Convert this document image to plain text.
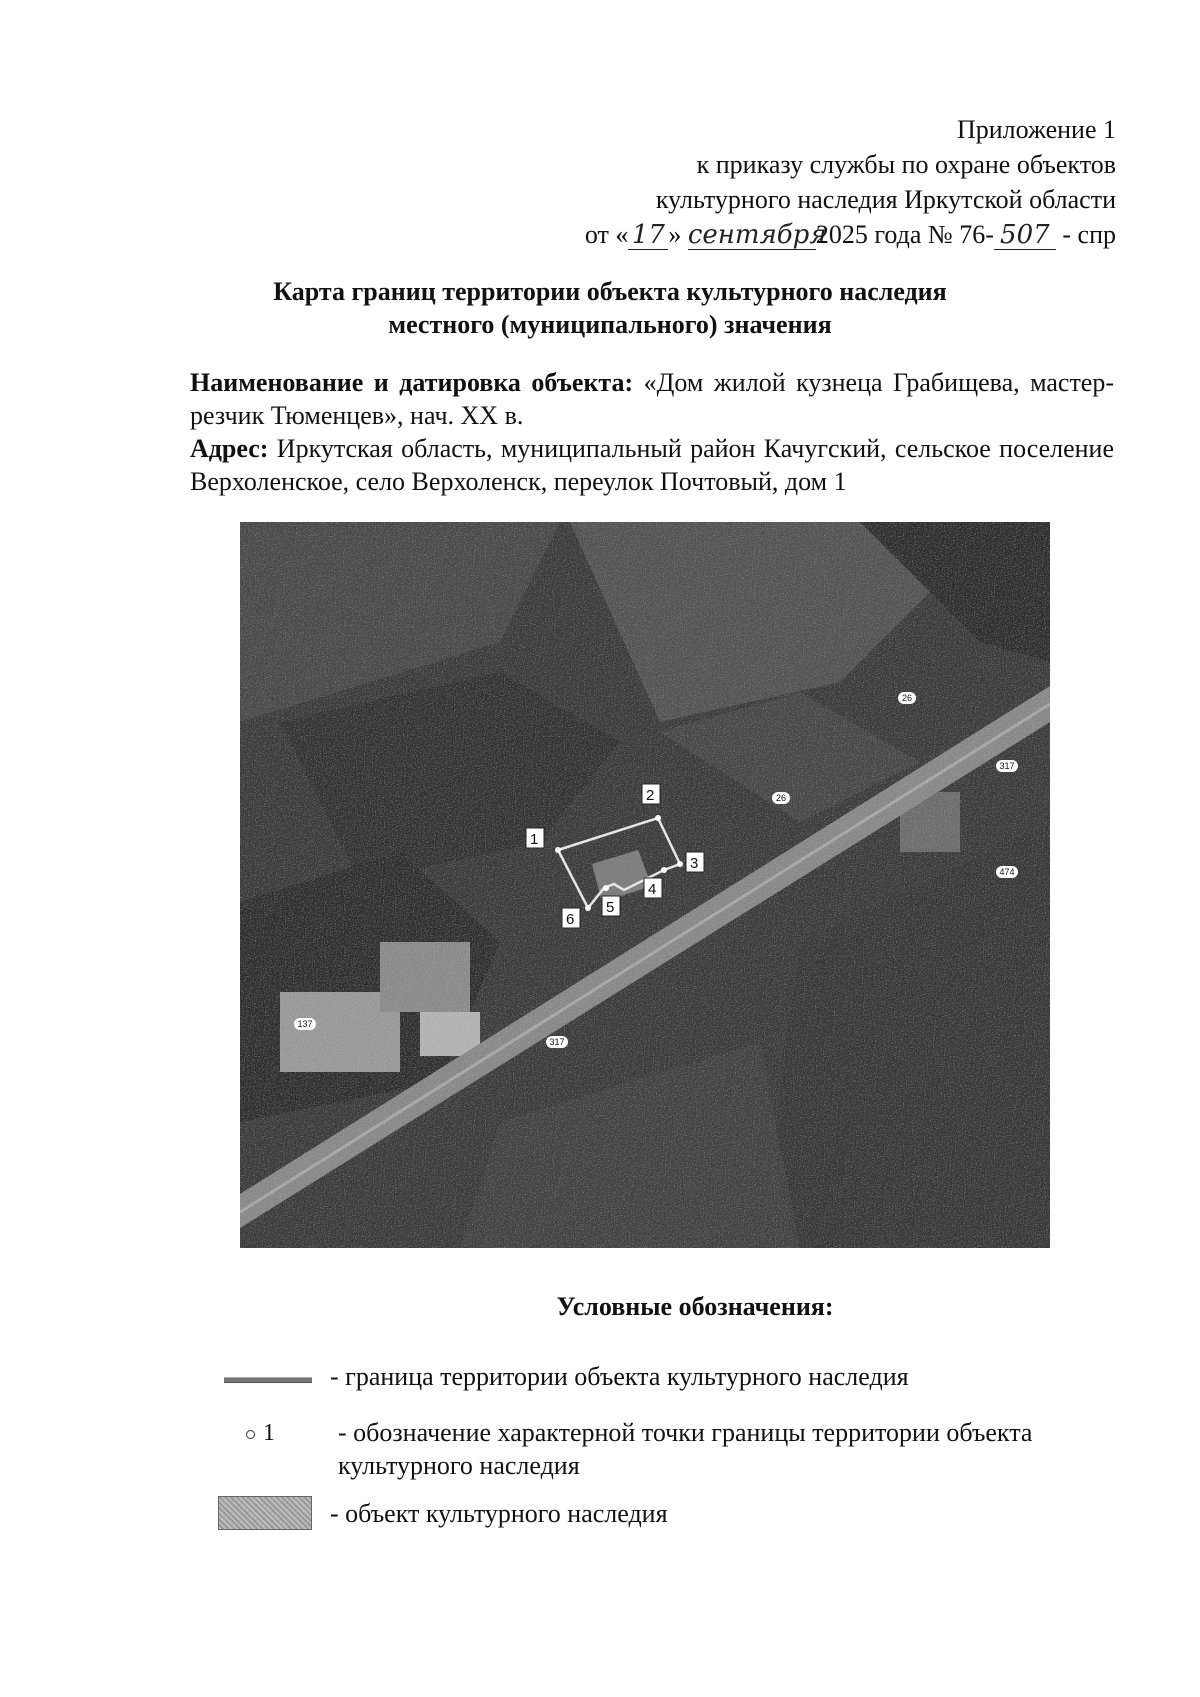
Приложение 1
к приказу службы по охране объектов
культурного наследия Иркутской области
от « 17 » сентября2025 года № 76- 507 - спр
Карта границ территории объекта культурного наследия
местного (муниципального) значения

Наименование и датировка объекта: «Дом жилой кузнеца Грабищева, мастер-резчик Тюменцев», нач. XX в.

Адрес: Иркутская область, муниципальный район Качугский, сельское поселение Верхоленское, село Верхоленск, переулок Почтовый, дом 1

1
2
3
4
5
6
26
26
317
474
137
317
Условные обозначения:
- граница территории объекта культурного наследия
1 - обозначение характерной точки границы территории объекта
культурного наследия
- объект культурного наследия
